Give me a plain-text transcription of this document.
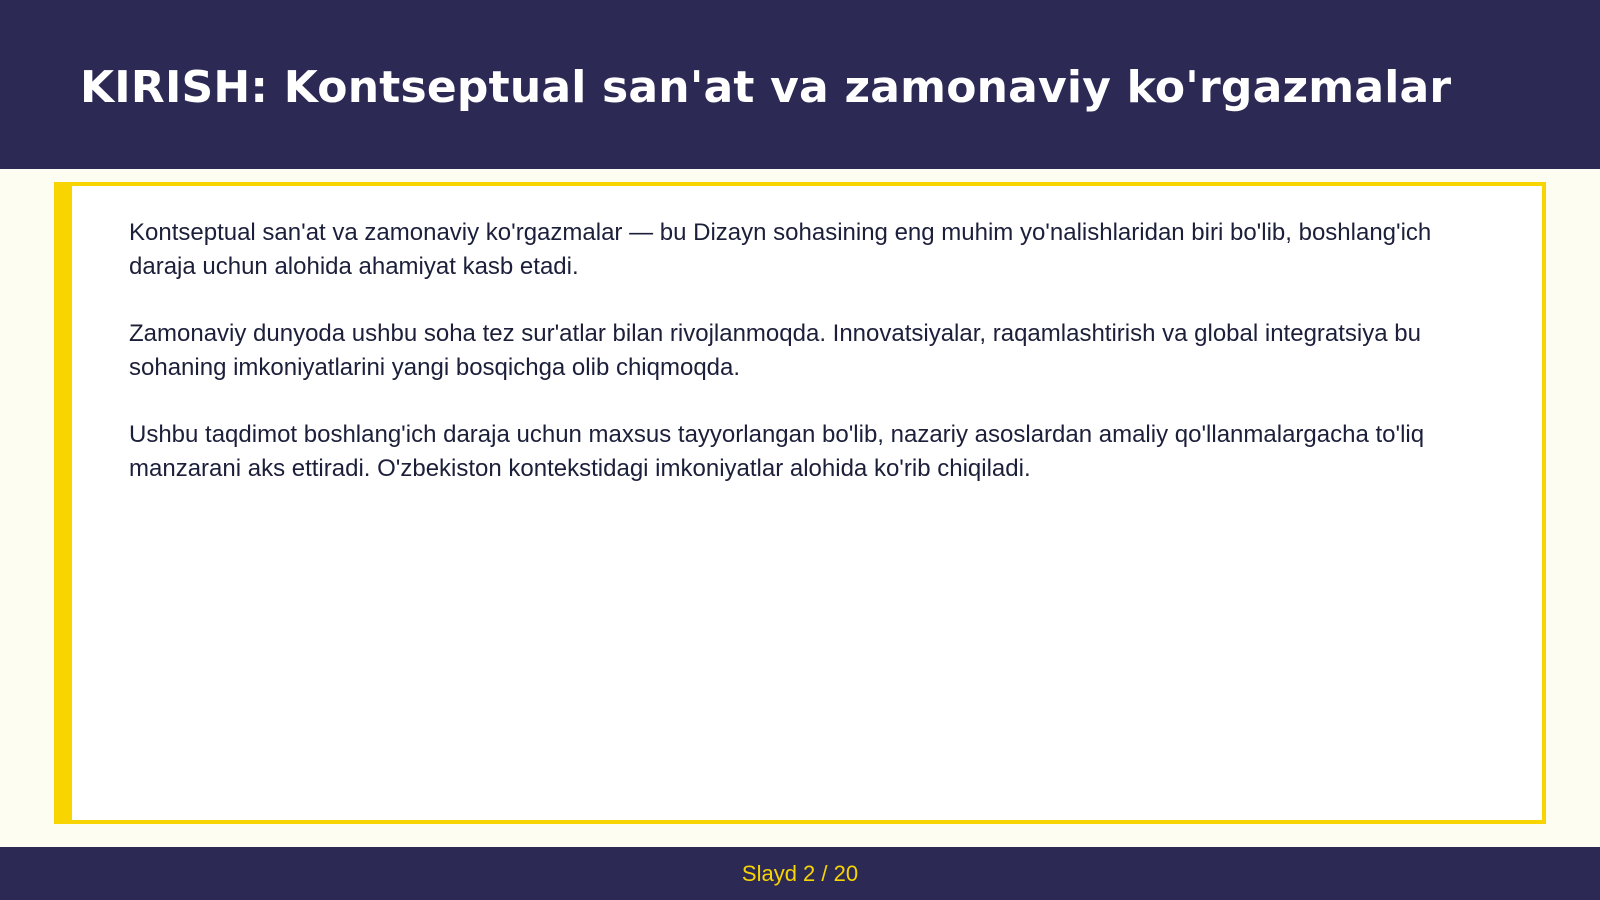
KIRISH: Kontseptual san'at va zamonaviy ko'rgazmalar

Kontseptual san'at va zamonaviy ko'rgazmalar — bu Dizayn sohasining eng muhim yo'nalishlaridan biri bo'lib, boshlang'ich daraja uchun alohida ahamiyat kasb etadi.

Zamonaviy dunyoda ushbu soha tez sur'atlar bilan rivojlanmoqda. Innovatsiyalar, raqamlashtirish va global integratsiya bu sohaning imkoniyatlarini yangi bosqichga olib chiqmoqda.

Ushbu taqdimot boshlang'ich daraja uchun maxsus tayyorlangan bo'lib, nazariy asoslardan amaliy qo'llanmalargacha to'liq manzarani aks ettiradi. O'zbekiston kontekstidagi imkoniyatlar alohida ko'rib chiqiladi.

Slayd 2 / 20
